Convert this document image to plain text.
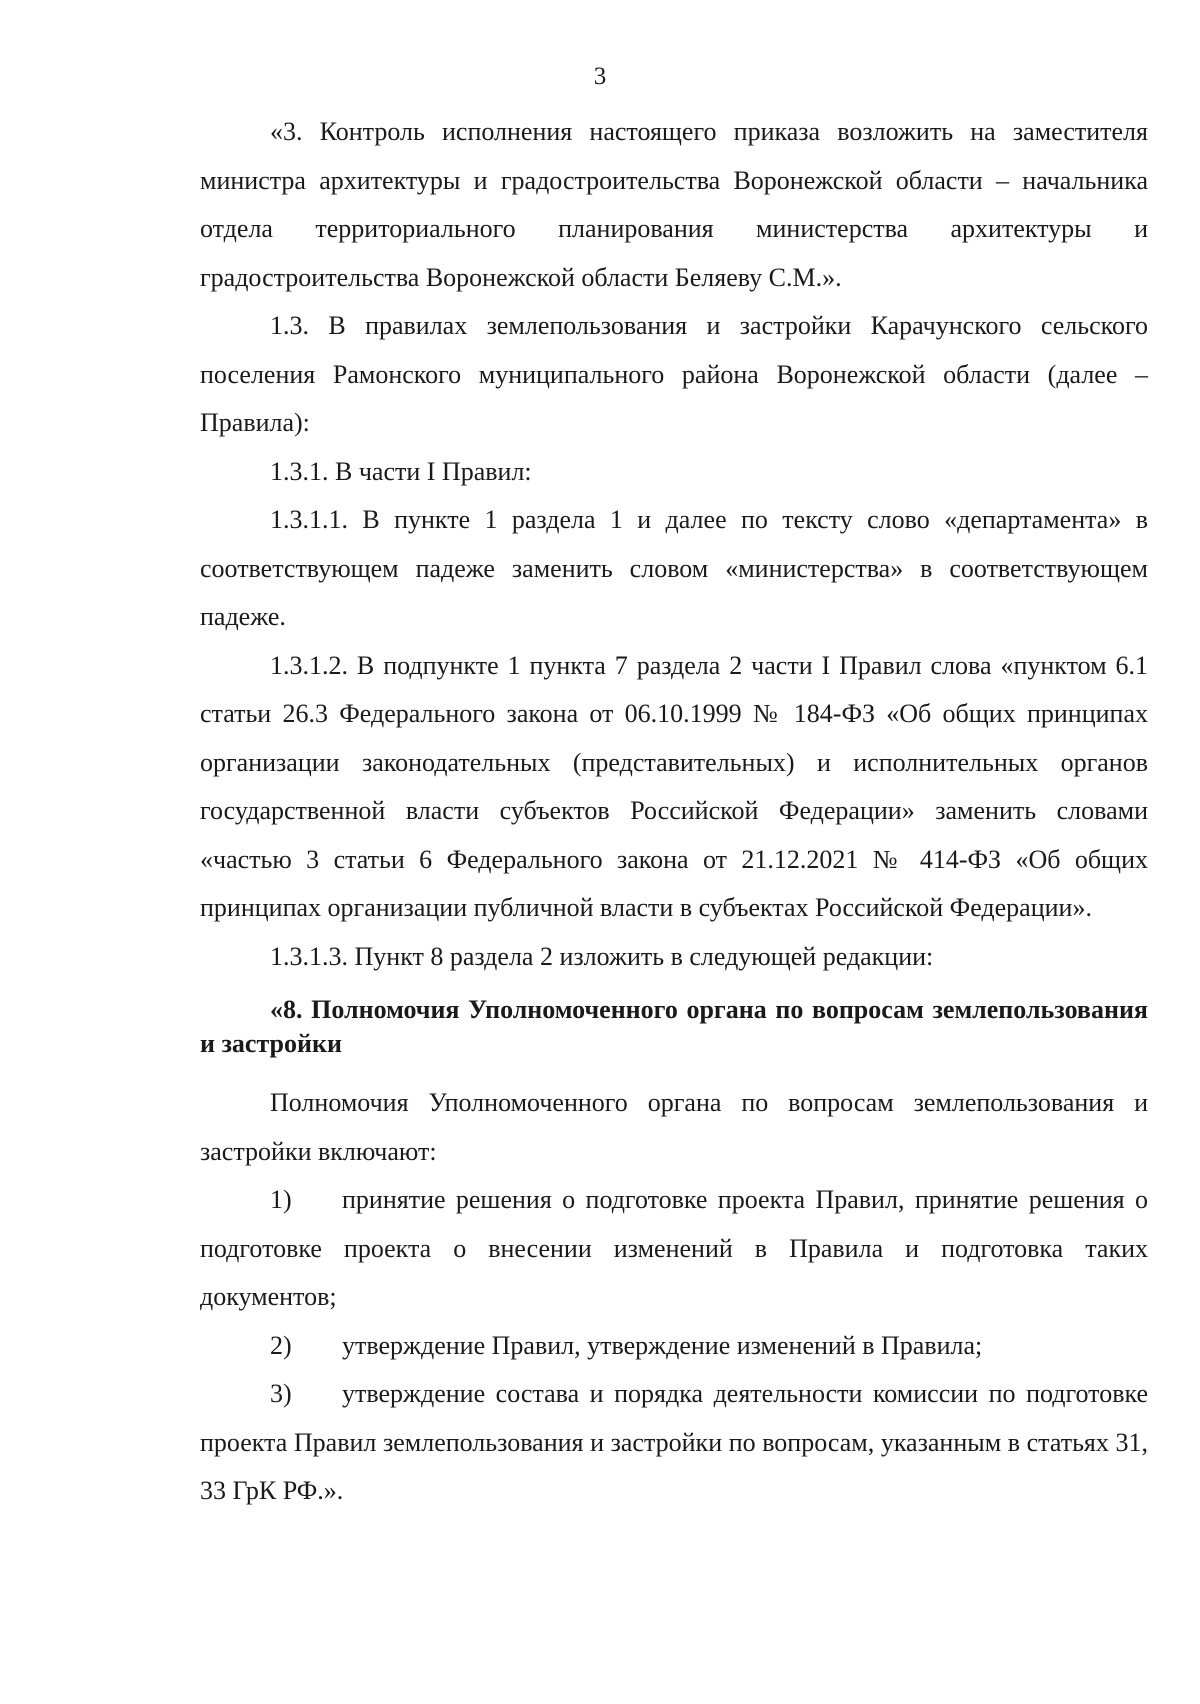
3

«3. Контроль исполнения настоящего приказа возложить на заместителя министра архитектуры и градостроительства Воронежской области – начальника отдела территориального планирования министерства архитектуры и градостроительства Воронежской области Беляеву С.М.».

1.3. В правилах землепользования и застройки Карачунского сельского поселения Рамонского муниципального района Воронежской области (далее – Правила):

1.3.1. В части I Правил:

1.3.1.1. В пункте 1 раздела 1 и далее по тексту слово «департамента» в соответствующем падеже заменить словом «министерства» в соответствующем падеже.

1.3.1.2. В подпункте 1 пункта 7 раздела 2 части I Правил слова «пунктом 6.1 статьи 26.3 Федерального закона от 06.10.1999 № 184-ФЗ «Об общих принципах организации законодательных (представительных) и исполнительных органов государственной власти субъектов Российской Федерации» заменить словами «частью 3 статьи 6 Федерального закона от 21.12.2021 № 414-ФЗ «Об общих принципах организации публичной власти в субъектах Российской Федерации».

1.3.1.3. Пункт 8 раздела 2 изложить в следующей редакции:

«8. Полномочия Уполномоченного органа по вопросам землепользования и застройки

Полномочия Уполномоченного органа по вопросам землепользования и застройки включают:

1) принятие решения о подготовке проекта Правил, принятие решения о подготовке проекта о внесении изменений в Правила и подготовка таких документов;

2) утверждение Правил, утверждение изменений в Правила;

3) утверждение состава и порядка деятельности комиссии по подготовке проекта Правил землепользования и застройки по вопросам, указанным в статьях 31, 33 ГрК РФ.».
